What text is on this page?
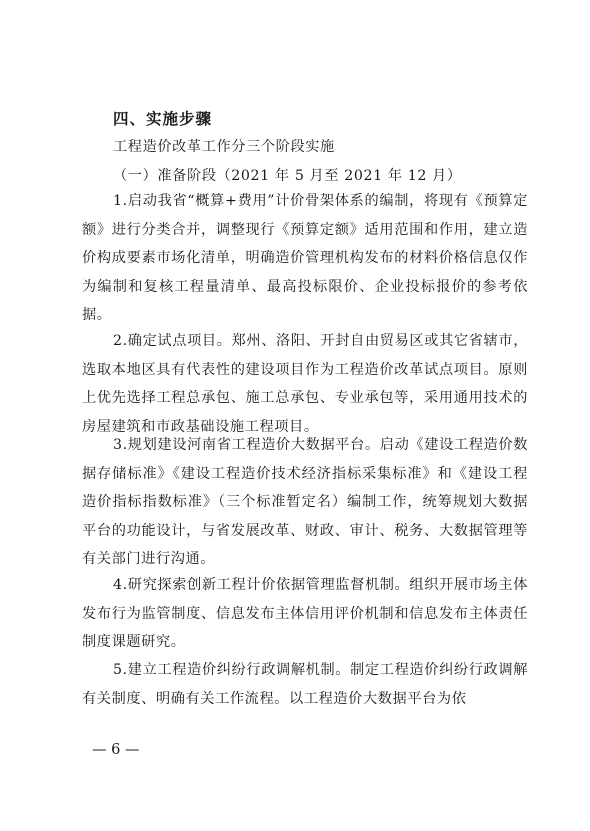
四、实施步骤

工程造价改革工作分三个阶段实施

（一）准备阶段（2021 年 5 月至 2021 年 12 月）

1.启动我省“概算+费用”计价骨架体系的编制，将现有《预算定额》进行分类合并，调整现行《预算定额》适用范围和作用，建立造价构成要素市场化清单，明确造价管理机构发布的材料价格信息仅作为编制和复核工程量清单、最高投标限价、企业投标报价的参考依据。

2.确定试点项目。郑州、洛阳、开封自由贸易区或其它省辖市，选取本地区具有代表性的建设项目作为工程造价改革试点项目。原则上优先选择工程总承包、施工总承包、专业承包等，采用通用技术的房屋建筑和市政基础设施工程项目。

3.规划建设河南省工程造价大数据平台。启动《建设工程造价数据存储标准》《建设工程造价技术经济指标采集标准》和《建设工程造价指标指数标准》（三个标准暂定名）编制工作，统筹规划大数据平台的功能设计，与省发展改革、财政、审计、税务、大数据管理等有关部门进行沟通。

4.研究探索创新工程计价依据管理监督机制。组织开展市场主体发布行为监管制度、信息发布主体信用评价机制和信息发布主体责任制度课题研究。

5.建立工程造价纠纷行政调解机制。制定工程造价纠纷行政调解有关制度、明确有关工作流程。以工程造价大数据平台为依

— 6 —
